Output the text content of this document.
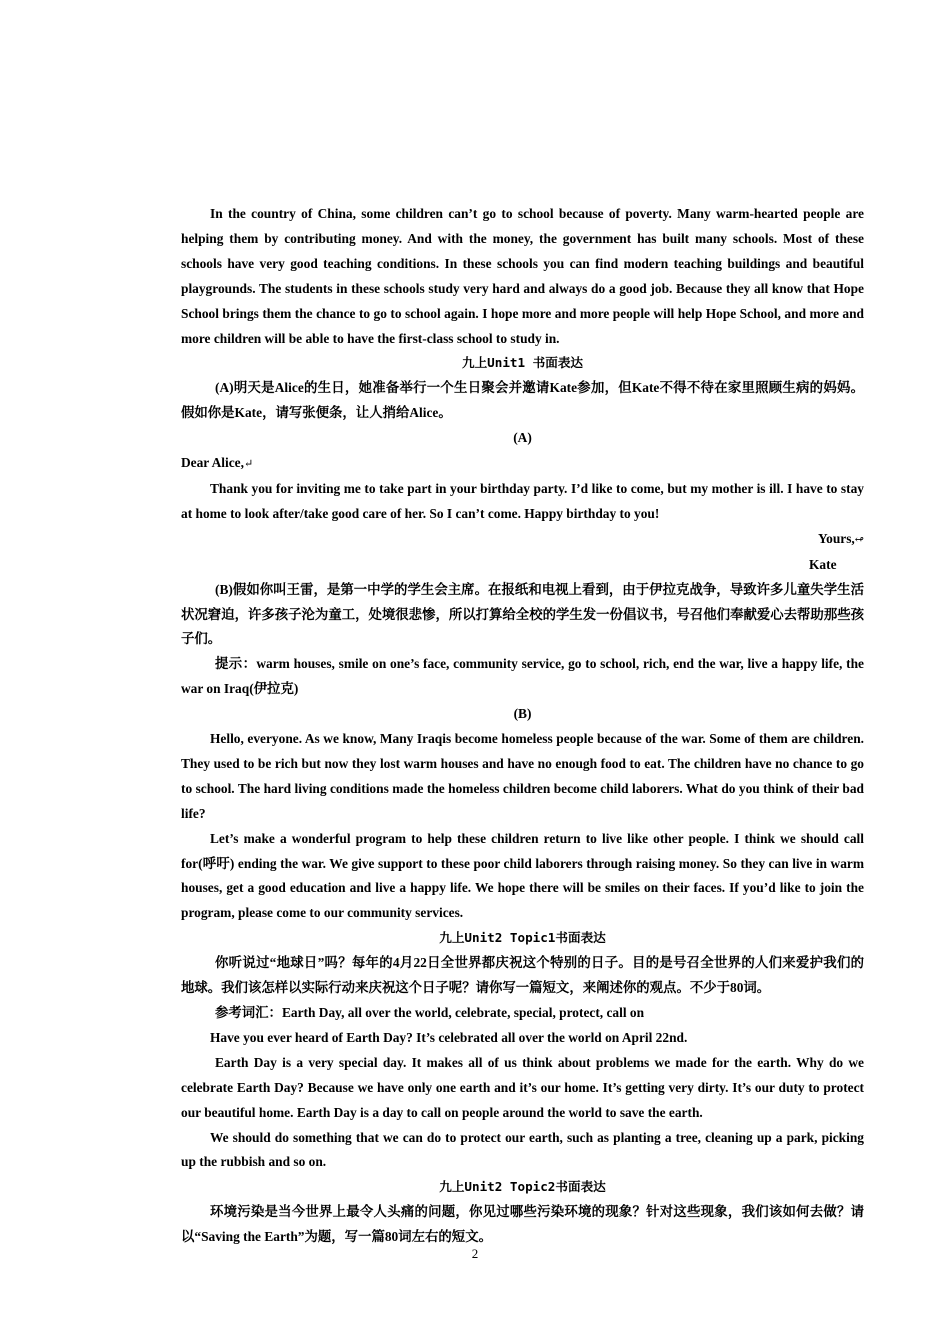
In the country of China, some children can’t go to school because of poverty. Many warm-hearted people are helping them by contributing money. And with the money, the government has built many schools. Most of these schools have very good teaching conditions. In these schools you can find modern teaching buildings and beautiful playgrounds. The students in these schools study very hard and always do a good job. Because they all know that Hope School brings them the chance to go to school again. I hope more and more people will help Hope School, and more and more children will be able to have the first-class school to study in.

九上Unit1 书面表达

(A)明天是Alice的生日，她准备举行一个生日聚会并邀请Kate参加，但Kate不得不待在家里照顾生病的妈妈。假如你是Kate，请写张便条，让人捎给Alice。

(A)

Dear Alice,↵

Thank you for inviting me to take part in your birthday party. I’d like to come, but my mother is ill. I have to stay at home to look after/take good care of her. So I can’t come. Happy birthday to you!

Yours,↫

Kate

(B)假如你叫王雷，是第一中学的学生会主席。在报纸和电视上看到，由于伊拉克战争，导致许多儿童失学生活状况窘迫，许多孩子沦为童工，处境很悲惨，所以打算给全校的学生发一份倡议书，号召他们奉献爱心去帮助那些孩子们。

提示：warm houses, smile on one’s face, community service, go to school, rich, end the war, live a happy life, the war on Iraq(伊拉克)

(B)

Hello, everyone. As we know, Many Iraqis become homeless people because of the war. Some of them are children. They used to be rich but now they lost warm houses and have no enough food to eat. The children have no chance to go to school. The hard living conditions made the homeless children become child laborers. What do you think of their bad life?

Let’s make a wonderful program to help these children return to live like other people. I think we should call for(呼吁) ending the war. We give support to these poor child laborers through raising money. So they can live in warm houses, get a good education and live a happy life. We hope there will be smiles on their faces. If you’d like to join the program, please come to our community services.

九上Unit2 Topic1书面表达

你听说过“地球日”吗？每年的4月22日全世界都庆祝这个特别的日子。目的是号召全世界的人们来爱护我们的地球。我们该怎样以实际行动来庆祝这个日子呢？请你写一篇短文，来阐述你的观点。不少于80词。

参考词汇：Earth Day, all over the world, celebrate, special, protect, call on

Have you ever heard of Earth Day? It’s celebrated all over the world on April 22nd.

Earth Day is a very special day. It makes all of us think about problems we made for the earth. Why do we celebrate Earth Day? Because we have only one earth and it’s our home. It’s getting very dirty. It’s our duty to protect our beautiful home. Earth Day is a day to call on people around the world to save the earth.

We should do something that we can do to protect our earth, such as planting a tree, cleaning up a park, picking up the rubbish and so on.

九上Unit2 Topic2书面表达

环境污染是当今世界上最令人头痛的问题，你见过哪些污染环境的现象？针对这些现象，我们该如何去做？请以“Saving the Earth”为题，写一篇80词左右的短文。

2
